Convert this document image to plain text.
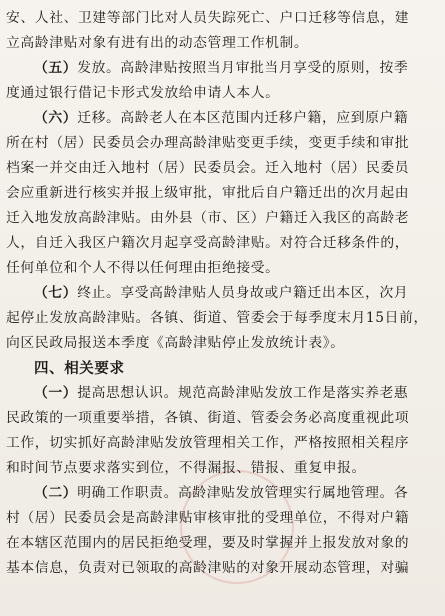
安、人社、卫建等部门比对人员失踪死亡、户口迁移等信息，建
立高龄津贴对象有进有出的动态管理工作机制。
（五）发放。高龄津贴按照当月审批当月享受的原则，按季
度通过银行借记卡形式发放给申请人本人。
（六）迁移。高龄老人在本区范围内迁移户籍，应到原户籍
所在村（居）民委员会办理高龄津贴变更手续，变更手续和审批
档案一并交由迁入地村（居）民委员会。迁入地村（居）民委员
会应重新进行核实并报上级审批，审批后自户籍迁出的次月起由
迁入地发放高龄津贴。由外县（市、区）户籍迁入我区的高龄老
人，自迁入我区户籍次月起享受高龄津贴。对符合迁移条件的，
任何单位和个人不得以任何理由拒绝接受。
（七）终止。享受高龄津贴人员身故或户籍迁出本区，次月
起停止发放高龄津贴。各镇、街道、管委会于每季度末月15日前，
向区民政局报送本季度《高龄津贴停止发放统计表》。
四、相关要求
（一）提高思想认识。规范高龄津贴发放工作是落实养老惠
民政策的一项重要举措，各镇、街道、管委会务必高度重视此项
工作，切实抓好高龄津贴发放管理相关工作，严格按照相关程序
和时间节点要求落实到位，不得漏报、错报、重复申报。
（二）明确工作职责。高龄津贴发放管理实行属地管理。各
村（居）民委员会是高龄津贴审核审批的受理单位，不得对户籍
在本辖区范围内的居民拒绝受理，要及时掌握并上报发放对象的
基本信息，负责对已领取的高龄津贴的对象开展动态管理，对骗
